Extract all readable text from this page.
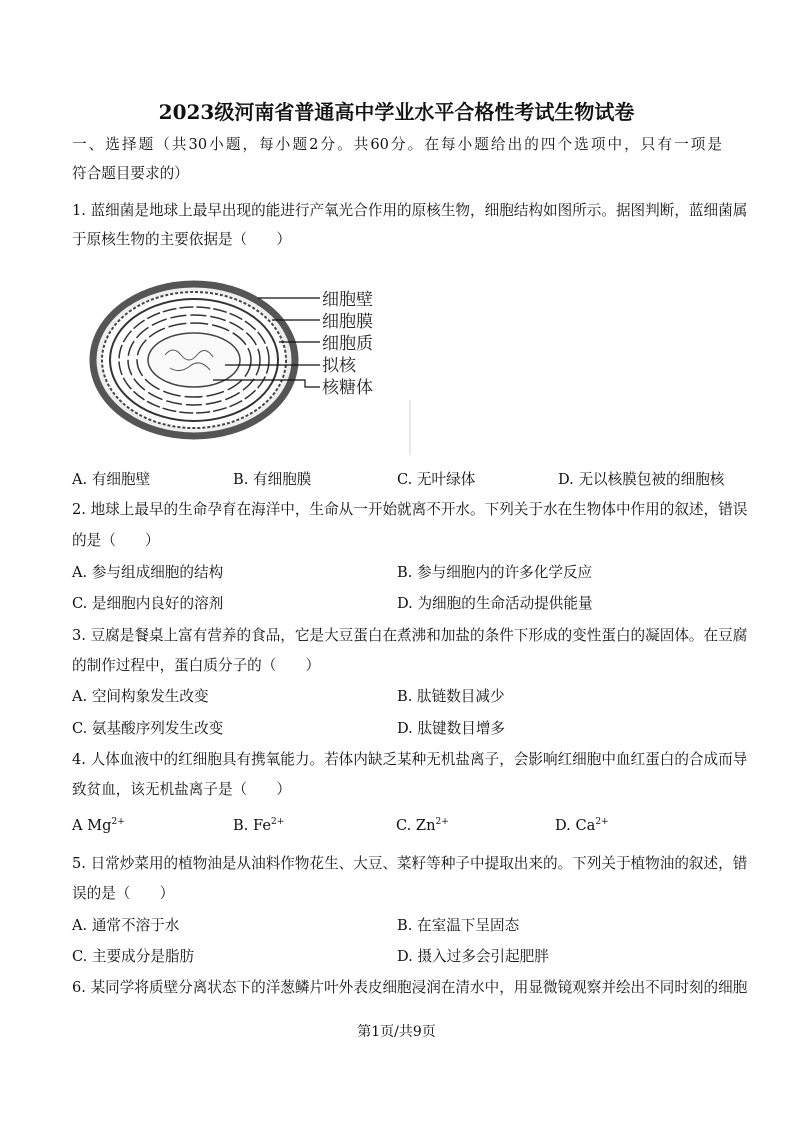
2023级河南省普通高中学业水平合格性考试生物试卷
一、选择题（共30小题，每小题2分。共60分。在每小题给出的四个选项中，只有一项是
符合题目要求的）
1. 蓝细菌是地球上最早出现的能进行产氧光合作用的原核生物，细胞结构如图所示。据图判断，蓝细菌属
于原核生物的主要依据是（　　）
细胞壁
细胞膜
细胞质
拟核
核糖体
A. 有细胞壁	B. 有细胞膜	C. 无叶绿体	D. 无以核膜包被的细胞核
2. 地球上最早的生命孕育在海洋中，生命从一开始就离不开水。下列关于水在生物体中作用的叙述，错误
的是（　　）
A. 参与组成细胞的结构	B. 参与细胞内的许多化学反应
C. 是细胞内良好的溶剂	D. 为细胞的生命活动提供能量
3. 豆腐是餐桌上富有营养的食品，它是大豆蛋白在煮沸和加盐的条件下形成的变性蛋白的凝固体。在豆腐
的制作过程中，蛋白质分子的（　　）
A. 空间构象发生改变	B. 肽链数目减少
C. 氨基酸序列发生改变	D. 肽键数目增多
4. 人体血液中的红细胞具有携氧能力。若体内缺乏某种无机盐离子，会影响红细胞中血红蛋白的合成而导
致贫血，该无机盐离子是（　　）
A $Mg^{2+}$	B. $Fe^{2+}$	C. $Zn^{2+}$	D. $Ca^{2+}$
5. 日常炒菜用的植物油是从油料作物花生、大豆、菜籽等种子中提取出来的。下列关于植物油的叙述，错
误的是（　　）
A. 通常不溶于水	B. 在室温下呈固态
C. 主要成分是脂肪	D. 摄入过多会引起肥胖
6. 某同学将质壁分离状态下的洋葱鳞片叶外表皮细胞浸润在清水中，用显微镜观察并绘出不同时刻的细胞
第1页/共9页
